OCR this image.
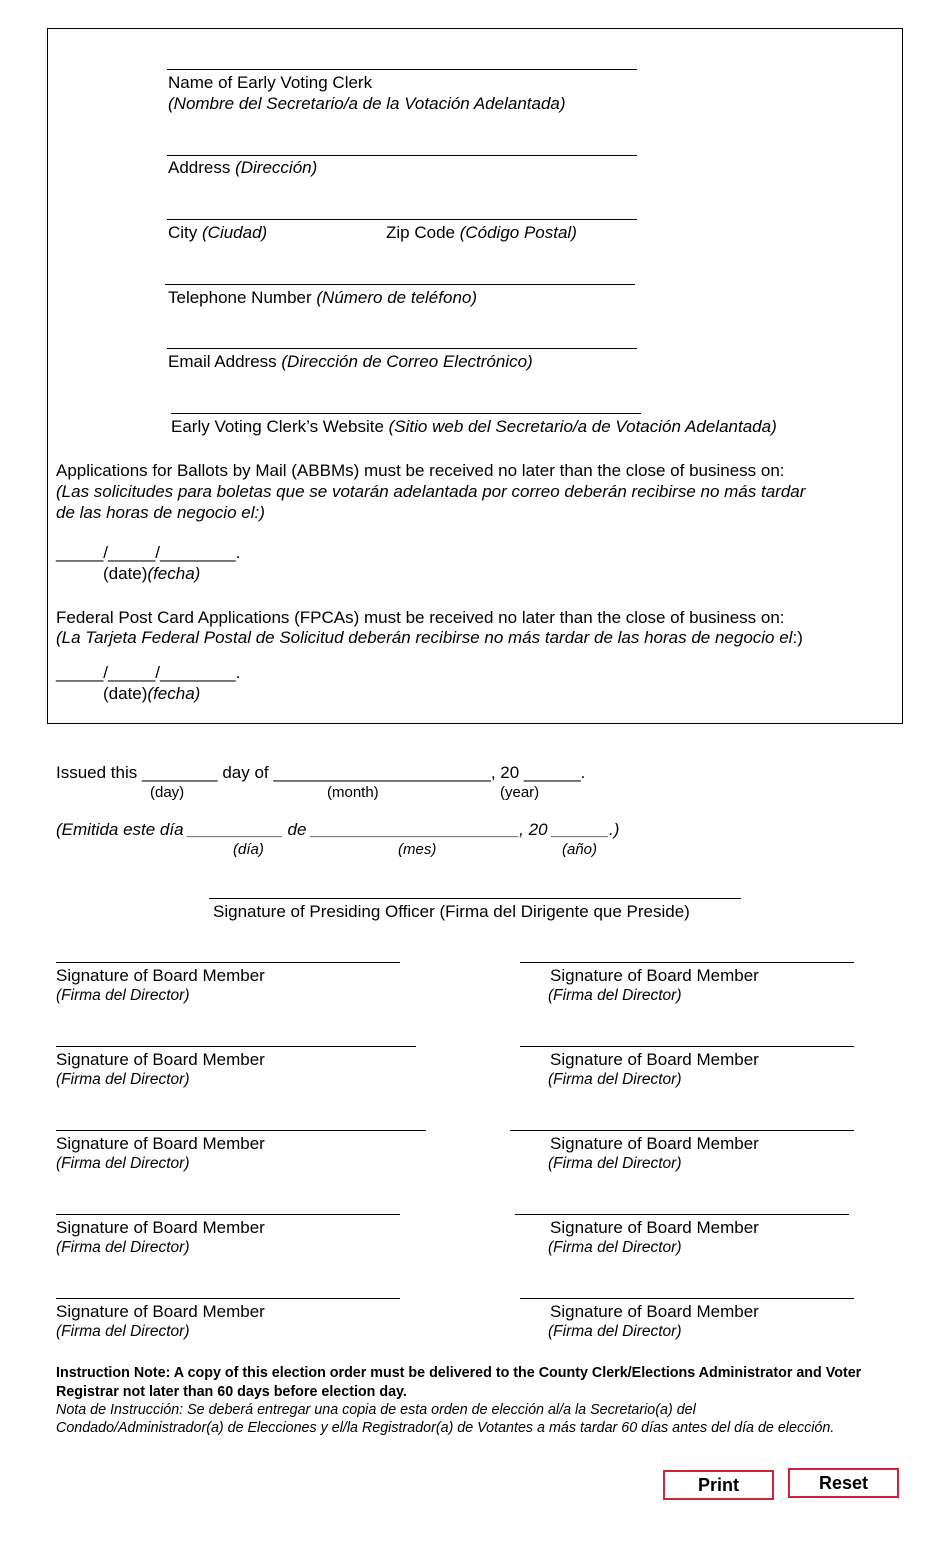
Name of Early Voting Clerk
(Nombre del Secretario/a de la Votación Adelantada)
Address (Dirección)
City (Ciudad)	Zip Code (Código Postal)
Telephone Number (Número de teléfono)
Email Address (Dirección de Correo Electrónico)
Early Voting Clerk’s Website (Sitio web del Secretario/a de Votación Adelantada)
Applications for Ballots by Mail (ABBMs) must be received no later than the close of business on:
(Las solicitudes para boletas que se votarán adelantada por correo deberán recibirse no más tardar
de las horas de negocio el:)
_____/_____/________.
(date)(fecha)
Federal Post Card Applications (FPCAs) must be received no later than the close of business on:
(La Tarjeta Federal Postal de Solicitud deberán recibirse no más tardar de las horas de negocio el:)
_____/_____/________.
(date)(fecha)
Issued this ________ day of _______________________, 20 ______.
(day)	(month)	(year)
(Emitida este día __________ de ______________________, 20 ______.)
(día)	(mes)	(año)
Signature of Presiding Officer (Firma del Dirigente que Preside)
Signature of Board Member
(Firma del Director)
Signature of Board Member
(Firma del Director)
Signature of Board Member
(Firma del Director)
Signature of Board Member
(Firma del Director)
Signature of Board Member
(Firma del Director)
Signature of Board Member
(Firma del Director)
Signature of Board Member
(Firma del Director)
Signature of Board Member
(Firma del Director)
Signature of Board Member
(Firma del Director)
Signature of Board Member
(Firma del Director)
Instruction Note: A copy of this election order must be delivered to the County Clerk/Elections Administrator and Voter Registrar not later than 60 days before election day.
Nota de Instrucción: Se deberá entregar una copia de esta orden de elección al/a la Secretario(a) del Condado/Administrador(a) de Elecciones y el/la Registrador(a) de Votantes a más tardar 60 días antes del día de elección.
Print	Reset
